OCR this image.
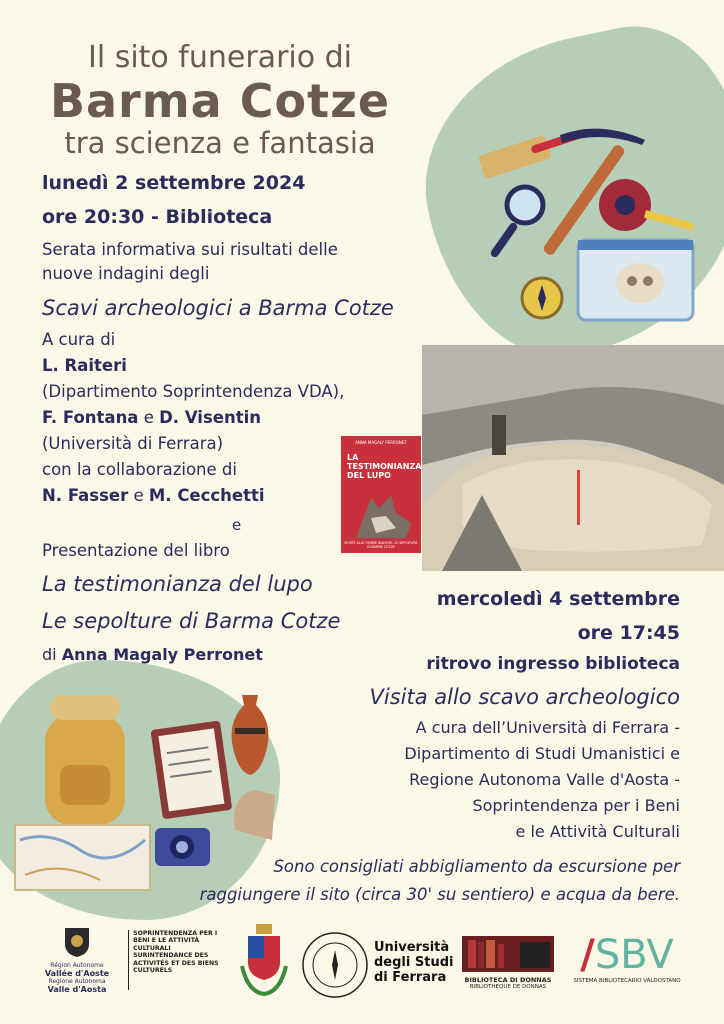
Il sito funerario di
Barma Cotze
tra scienza e fantasia
lunedì 2 settembre 2024
ore 20:30 - Biblioteca
Serata informativa sui risultati delle
nuove indagini degli
Scavi archeologici a Barma Cotze
A cura di
L. Raiteri
(Dipartimento Soprintendenza VDA),
F. Fontana e D. Visentin
(Università di Ferrara)
con la collaborazione di
N. Fasser e M. Cecchetti
e
Presentazione del libro
La testimonianza del lupo
Le sepolture di Barma Cotze
di Anna Magaly Perronet
ANNA MAGALY PERRONET
LA
TESTIMONIANZA
DEL LUPO
MORTE ALLE OMBRE BIANCHE. LE SEPOLTURE DI BARMA COTZE
mercoledì 4 settembre
ore 17:45
ritrovo ingresso biblioteca
Visita allo scavo archeologico
A cura dell’Università di Ferrara -
Dipartimento di Studi Umanistici e
Regione Autonoma Valle d'Aosta -
Soprintendenza per i Beni
e le Attività Culturali
Sono consigliati abbigliamento da escursione per
raggiungere il sito (circa 30' su sentiero) e acqua da bere.
Région Autonome
Vallée d'Aoste
Regione Autonoma
Valle d'Aosta
SOPRINTENDENZA PER I BENI E LE ATTIVITÀ CULTURALI SURINTENDANCE DES ACTIVITÉS ET DES BIENS CULTURELS
Università
degli Studi
di Ferrara	BIBLIOTECA DI DONNAS
BIBLIOTHEQUE DE DONNAS
/SBV
SISTEMA BIBLIOTECARIO VALDOSTANO
